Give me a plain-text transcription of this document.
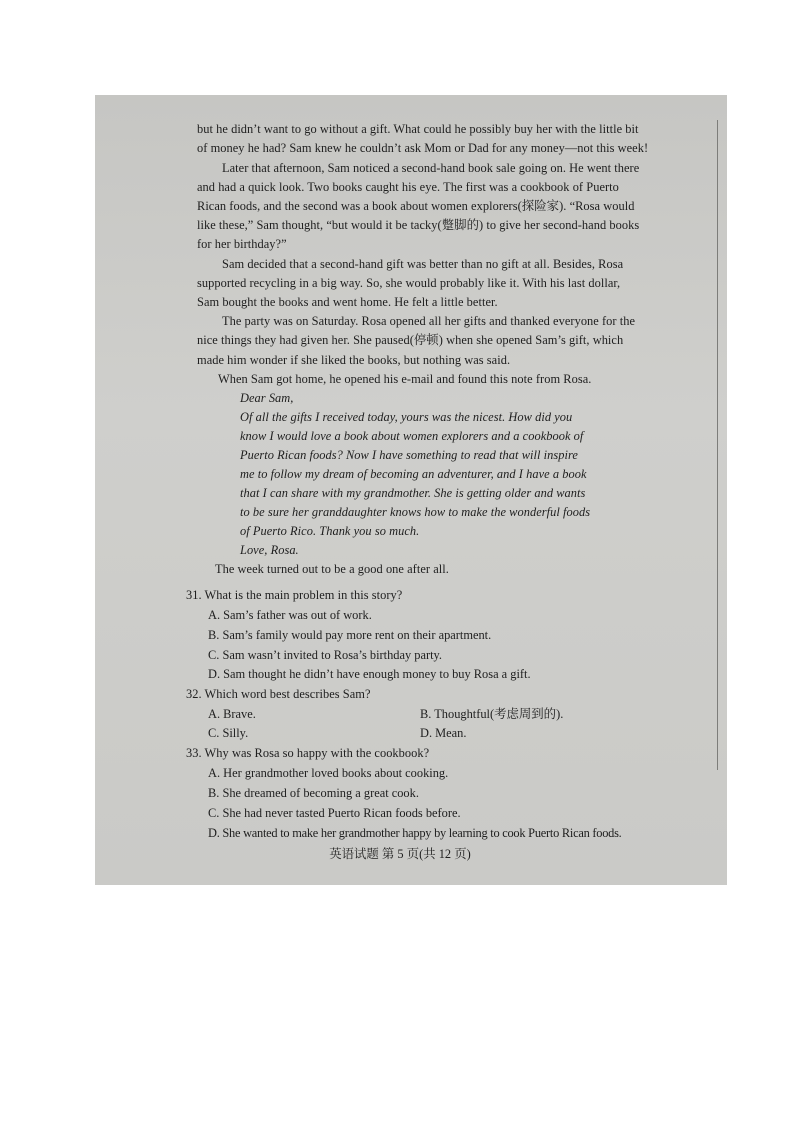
but he didn’t want to go without a gift. What could he possibly buy her with the little bit
of money he had? Sam knew he couldn’t ask Mom or Dad for any money—not this week!
Later that afternoon, Sam noticed a second-hand book sale going on. He went there
and had a quick look. Two books caught his eye. The first was a cookbook of Puerto
Rican foods, and the second was a book about women explorers(探险家). “Rosa would
like these,” Sam thought, “but would it be tacky(蹩脚的) to give her second-hand books
for her birthday?”
Sam decided that a second-hand gift was better than no gift at all. Besides, Rosa
supported recycling in a big way. So, she would probably like it. With his last dollar,
Sam bought the books and went home. He felt a little better.
The party was on Saturday. Rosa opened all her gifts and thanked everyone for the
nice things they had given her. She paused(停顿) when she opened Sam’s gift, which
made him wonder if she liked the books, but nothing was said.
When Sam got home, he opened his e-mail and found this note from Rosa.
Dear Sam,
Of all the gifts I received today, yours was the nicest. How did you
know I would love a book about women explorers and a cookbook of
Puerto Rican foods? Now I have something to read that will inspire
me to follow my dream of becoming an adventurer, and I have a book
that I can share with my grandmother. She is getting older and wants
to be sure her granddaughter knows how to make the wonderful foods
of Puerto Rico. Thank you so much.
Love, Rosa.
The week turned out to be a good one after all.
31. What is the main problem in this story?
A. Sam’s father was out of work.
B. Sam’s family would pay more rent on their apartment.
C. Sam wasn’t invited to Rosa’s birthday party.
D. Sam thought he didn’t have enough money to buy Rosa a gift.
32. Which word best describes Sam?
A. Brave.	B. Thoughtful(考虑周到的).
C. Silly.	D. Mean.
33. Why was Rosa so happy with the cookbook?
A. Her grandmother loved books about cooking.
B. She dreamed of becoming a great cook.
C. She had never tasted Puerto Rican foods before.
D. She wanted to make her grandmother happy by learning to cook Puerto Rican foods.
英语试题 第 5 页(共 12 页)
